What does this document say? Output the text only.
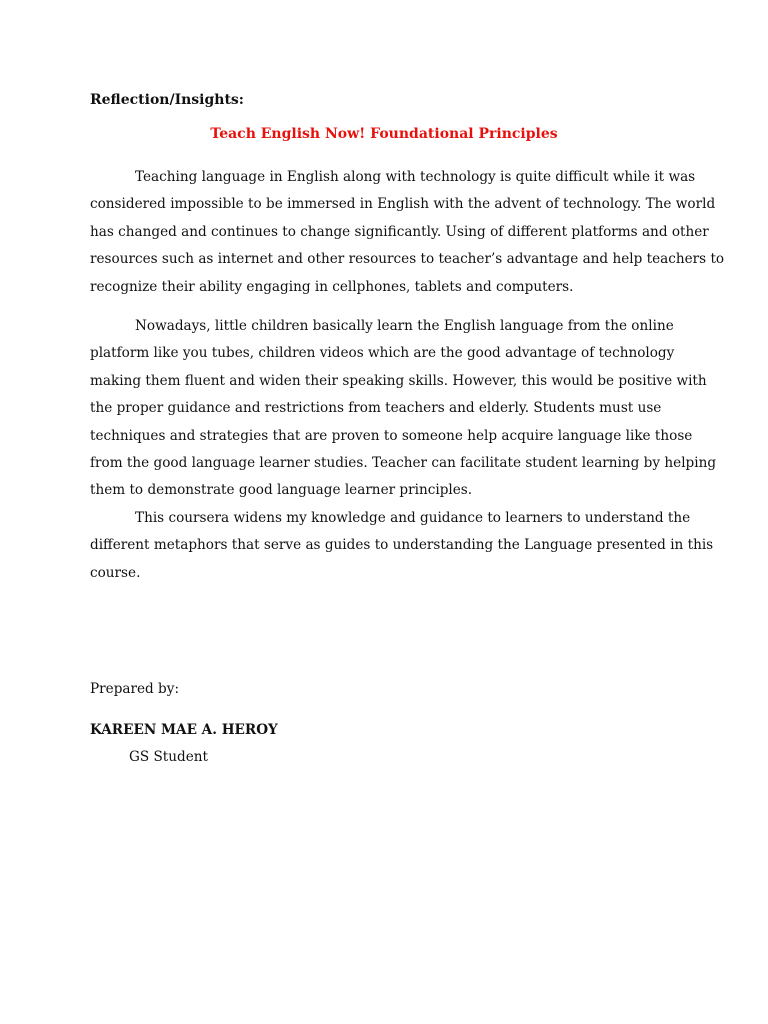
Reflection/Insights:

Teach English Now! Foundational Principles

Teaching language in English along with technology is quite difficult while it was
considered impossible to be immersed in English with the advent of technology. The world
has changed and continues to change significantly. Using of different platforms and other
resources such as internet and other resources to teacher’s advantage and help teachers to
recognize their ability engaging in cellphones, tablets and computers.

Nowadays, little children basically learn the English language from the online
platform like you tubes, children videos which are the good advantage of technology
making them fluent and widen their speaking skills. However, this would be positive with
the proper guidance and restrictions from teachers and elderly. Students must use
techniques and strategies that are proven to someone help acquire language like those
from the good language learner studies. Teacher can facilitate student learning by helping
them to demonstrate good language learner principles.

This coursera widens my knowledge and guidance to learners to understand the
different metaphors that serve as guides to understanding the Language presented in this
course.

Prepared by:

KAREEN MAE A. HEROY

GS Student
